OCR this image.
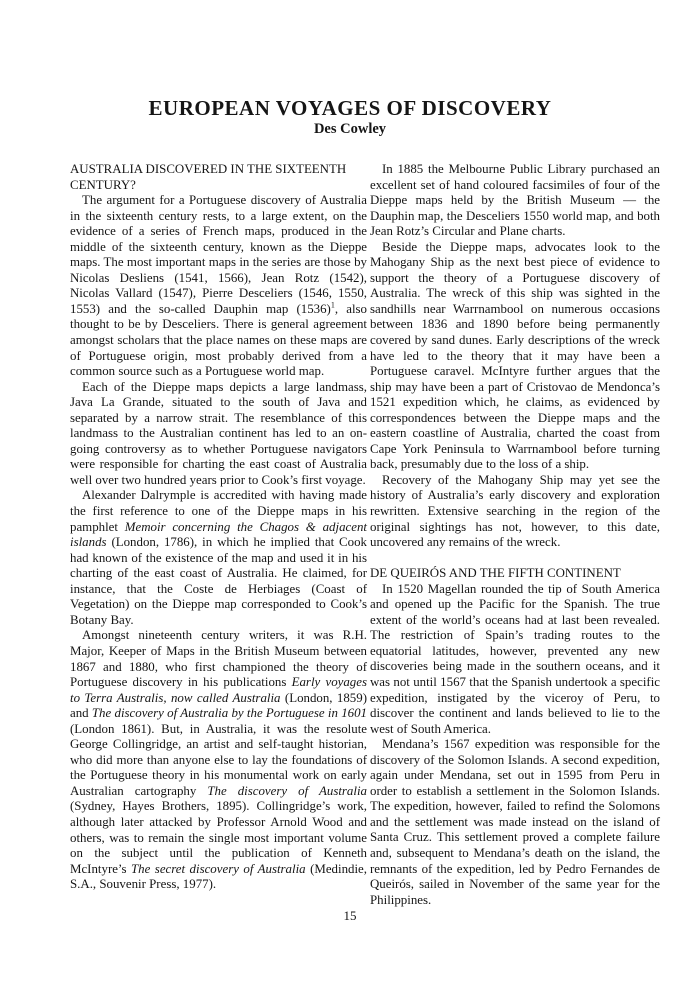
EUROPEAN VOYAGES OF DISCOVERY

Des Cowley

AUSTRALIA DISCOVERED IN THE SIXTEENTH CENTURY?

The argument for a Portuguese discovery of Australia in the sixteenth century rests, to a large extent, on the evidence of a series of French maps, produced in the middle of the sixteenth century, known as the Dieppe maps. The most important maps in the series are those by Nicolas Desliens (1541, 1566), Jean Rotz (1542), Nicolas Vallard (1547), Pierre Desceliers (1546, 1550, 1553) and the so-called Dauphin map $(1536)^1$, also thought to be by Desceliers. There is general agreement amongst scholars that the place names on these maps are of Portuguese origin, most probably derived from a common source such as a Portuguese world map.

Each of the Dieppe maps depicts a large landmass, Java La Grande, situated to the south of Java and separated by a narrow strait. The resemblance of this landmass to the Australian continent has led to an on-going controversy as to whether Portuguese navigators were responsible for charting the east coast of Australia well over two hundred years prior to Cook’s first voyage.

Alexander Dalrymple is accredited with having made the first reference to one of the Dieppe maps in his pamphlet Memoir concerning the Chagos & adjacent islands (London, 1786), in which he implied that Cook had known of the existence of the map and used it in his charting of the east coast of Australia. He claimed, for instance, that the Coste de Herbiages (Coast of Vegetation) on the Dieppe map corresponded to Cook’s Botany Bay.

Amongst nineteenth century writers, it was R.H. Major, Keeper of Maps in the British Museum between 1867 and 1880, who first championed the theory of Portuguese discovery in his publications Early voyages to Terra Australis, now called Australia (London, 1859) and The discovery of Australia by the Portuguese in 1601 (London 1861). But, in Australia, it was the resolute George Collingridge, an artist and self-taught historian, who did more than anyone else to lay the foundations of the Portuguese theory in his monumental work on early Australian cartography The discovery of Australia (Sydney, Hayes Brothers, 1895). Collingridge’s work, although later attacked by Professor Arnold Wood and others, was to remain the single most important volume on the subject until the publication of Kenneth McIntyre’s The secret discovery of Australia (Medindie, S.A., Souvenir Press, 1977).

In 1885 the Melbourne Public Library purchased an excellent set of hand coloured facsimiles of four of the Dieppe maps held by the British Museum — the Dauphin map, the Desceliers 1550 world map, and both Jean Rotz’s Circular and Plane charts.

Beside the Dieppe maps, advocates look to the Mahogany Ship as the next best piece of evidence to support the theory of a Portuguese discovery of Australia. The wreck of this ship was sighted in the sandhills near Warrnambool on numerous occasions between 1836 and 1890 before being permanently covered by sand dunes. Early descriptions of the wreck have led to the theory that it may have been a Portuguese caravel. McIntyre further argues that the ship may have been a part of Cristovao de Mendonca’s 1521 expedition which, he claims, as evidenced by correspondences between the Dieppe maps and the eastern coastline of Australia, charted the coast from Cape York Peninsula to Warrnambool before turning back, presumably due to the loss of a ship.

Recovery of the Mahogany Ship may yet see the history of Australia’s early discovery and exploration rewritten. Extensive searching in the region of the original sightings has not, however, to this date, uncovered any remains of the wreck.

DE QUEIRÓS AND THE FIFTH CONTINENT

In 1520 Magellan rounded the tip of South America and opened up the Pacific for the Spanish. The true extent of the world’s oceans had at last been revealed. The restriction of Spain’s trading routes to the equatorial latitudes, however, prevented any new discoveries being made in the southern oceans, and it was not until 1567 that the Spanish undertook a specific expedition, instigated by the viceroy of Peru, to discover the continent and lands believed to lie to the west of South America.

Mendana’s 1567 expedition was responsible for the discovery of the Solomon Islands. A second expedition, again under Mendana, set out in 1595 from Peru in order to establish a settlement in the Solomon Islands. The expedition, however, failed to refind the Solomons and the settlement was made instead on the island of Santa Cruz. This settlement proved a complete failure and, subsequent to Mendana’s death on the island, the remnants of the expedition, led by Pedro Fernandes de Queirós, sailed in November of the same year for the Philippines.

15
